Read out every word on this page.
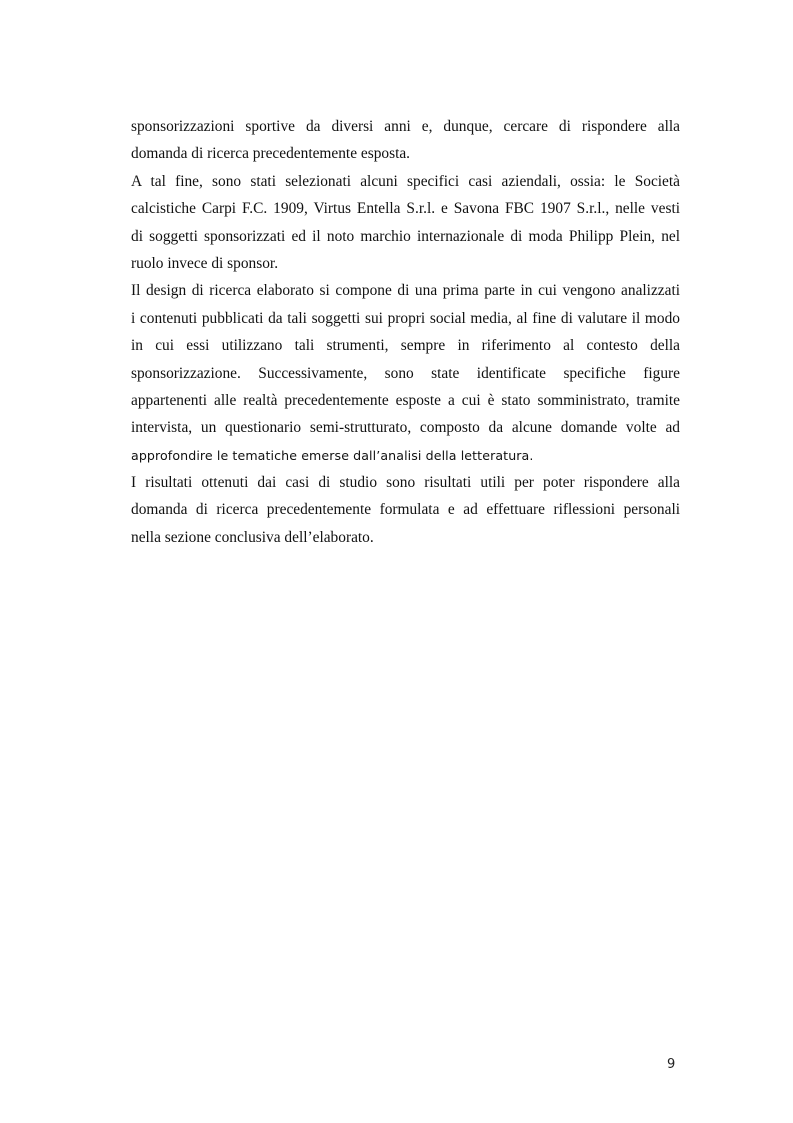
sponsorizzazioni sportive da diversi anni e, dunque, cercare di rispondere alla
domanda di ricerca precedentemente esposta.
A tal fine, sono stati selezionati alcuni specifici casi aziendali, ossia: le Società
calcistiche Carpi F.C. 1909, Virtus Entella S.r.l. e Savona FBC 1907 S.r.l., nelle vesti
di soggetti sponsorizzati ed il noto marchio internazionale di moda Philipp Plein, nel
ruolo invece di sponsor.
Il design di ricerca elaborato si compone di una prima parte in cui vengono analizzati
i contenuti pubblicati da tali soggetti sui propri social media, al fine di valutare il modo
in cui essi utilizzano tali strumenti, sempre in riferimento al contesto della
sponsorizzazione. Successivamente, sono state identificate specifiche figure
appartenenti alle realtà precedentemente esposte a cui è stato somministrato, tramite
intervista, un questionario semi-strutturato, composto da alcune domande volte ad
approfondire le tematiche emerse dall’analisi della letteratura.
I risultati ottenuti dai casi di studio sono risultati utili per poter rispondere alla
domanda di ricerca precedentemente formulata e ad effettuare riflessioni personali
nella sezione conclusiva dell’elaborato.
9
